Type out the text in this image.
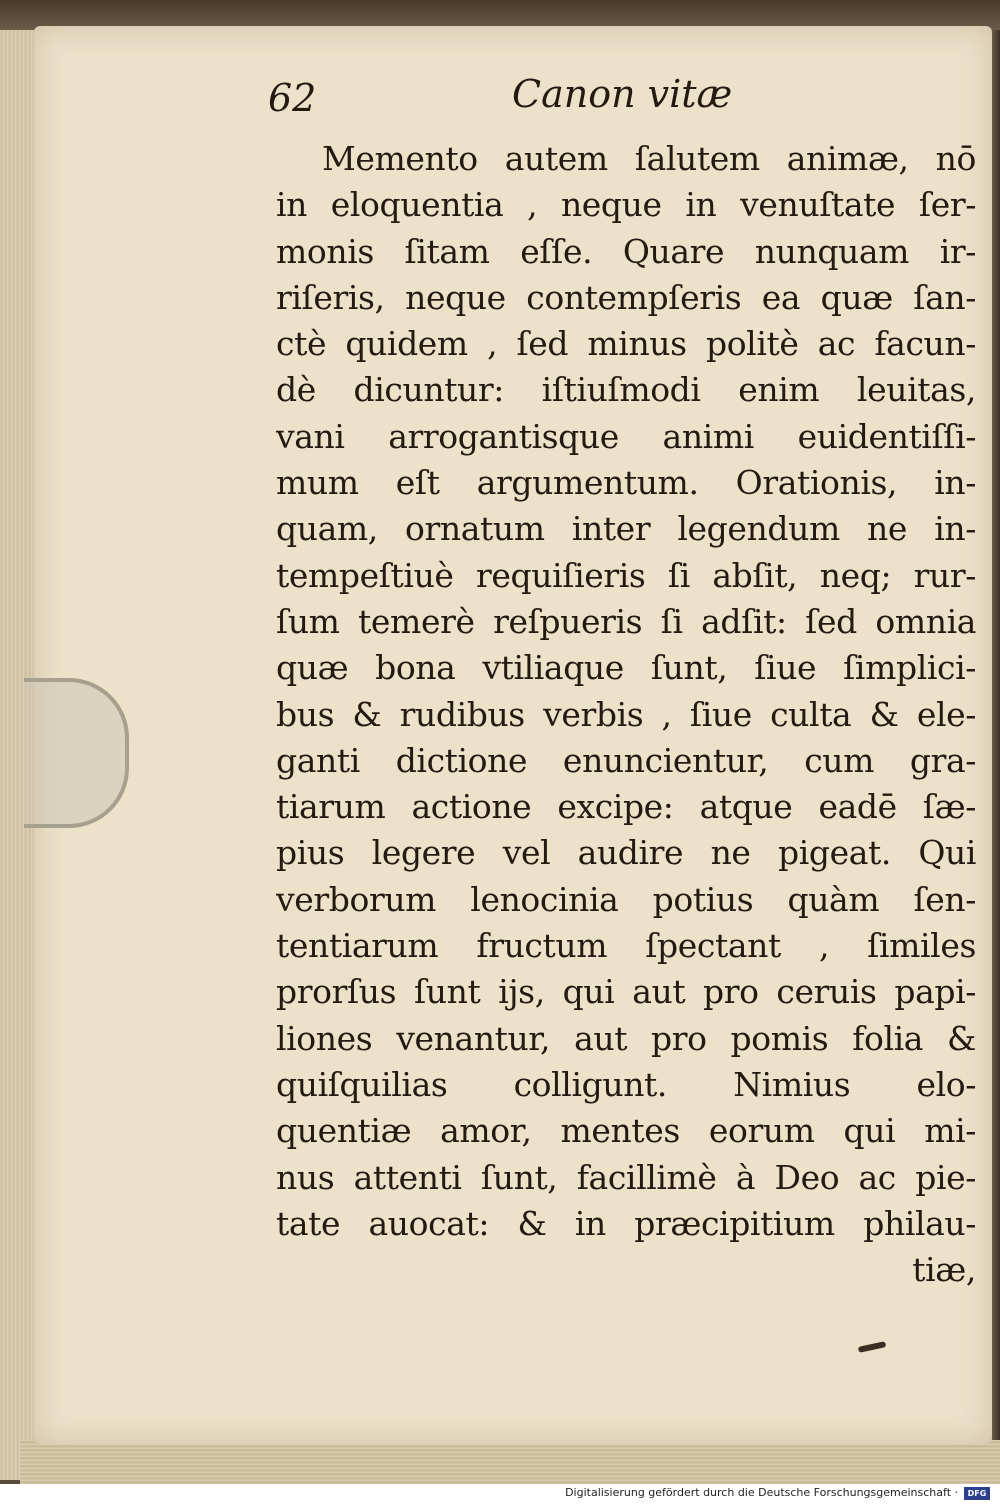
62	Canon vitæ
Memento autem ſalutem animæ, nō
in eloquentia , neque in venuſtate ſer-
monis ſitam eſſe. Quare nunquam ir-
riſeris, neque contempſeris ea quæ ſan-
ctè quidem , ſed minus politè ac facun-
dè dicuntur: iſtiuſmodi enim leuitas,
vani arrogantisque animi euidentiſſi-
mum eſt argumentum. Orationis, in-
quam, ornatum inter legendum ne in-
tempeſtiuè requiſieris ſi abſit, neq; rur-
ſum temerè reſpueris ſi adſit: ſed omnia
quæ bona vtiliaque ſunt, ſiue ſimplici-
bus & rudibus verbis , ſiue culta & ele-
ganti dictione enuncientur, cum gra-
tiarum actione excipe: atque eadē ſæ-
pius legere vel audire ne pigeat. Qui
verborum lenocinia potius quàm ſen-
tentiarum fructum ſpectant , ſimiles
prorſus ſunt ijs, qui aut pro ceruis papi-
liones venantur, aut pro pomis folia &
quiſquilias colligunt. Nimius elo-
quentiæ amor, mentes eorum qui mi-
nus attenti ſunt, facillimè à Deo ac pie-
tate auocat: & in præcipitium philau-
tiæ,
Digitalisierung gefördert durch die Deutsche Forschungsgemeinschaft ·	DFG
